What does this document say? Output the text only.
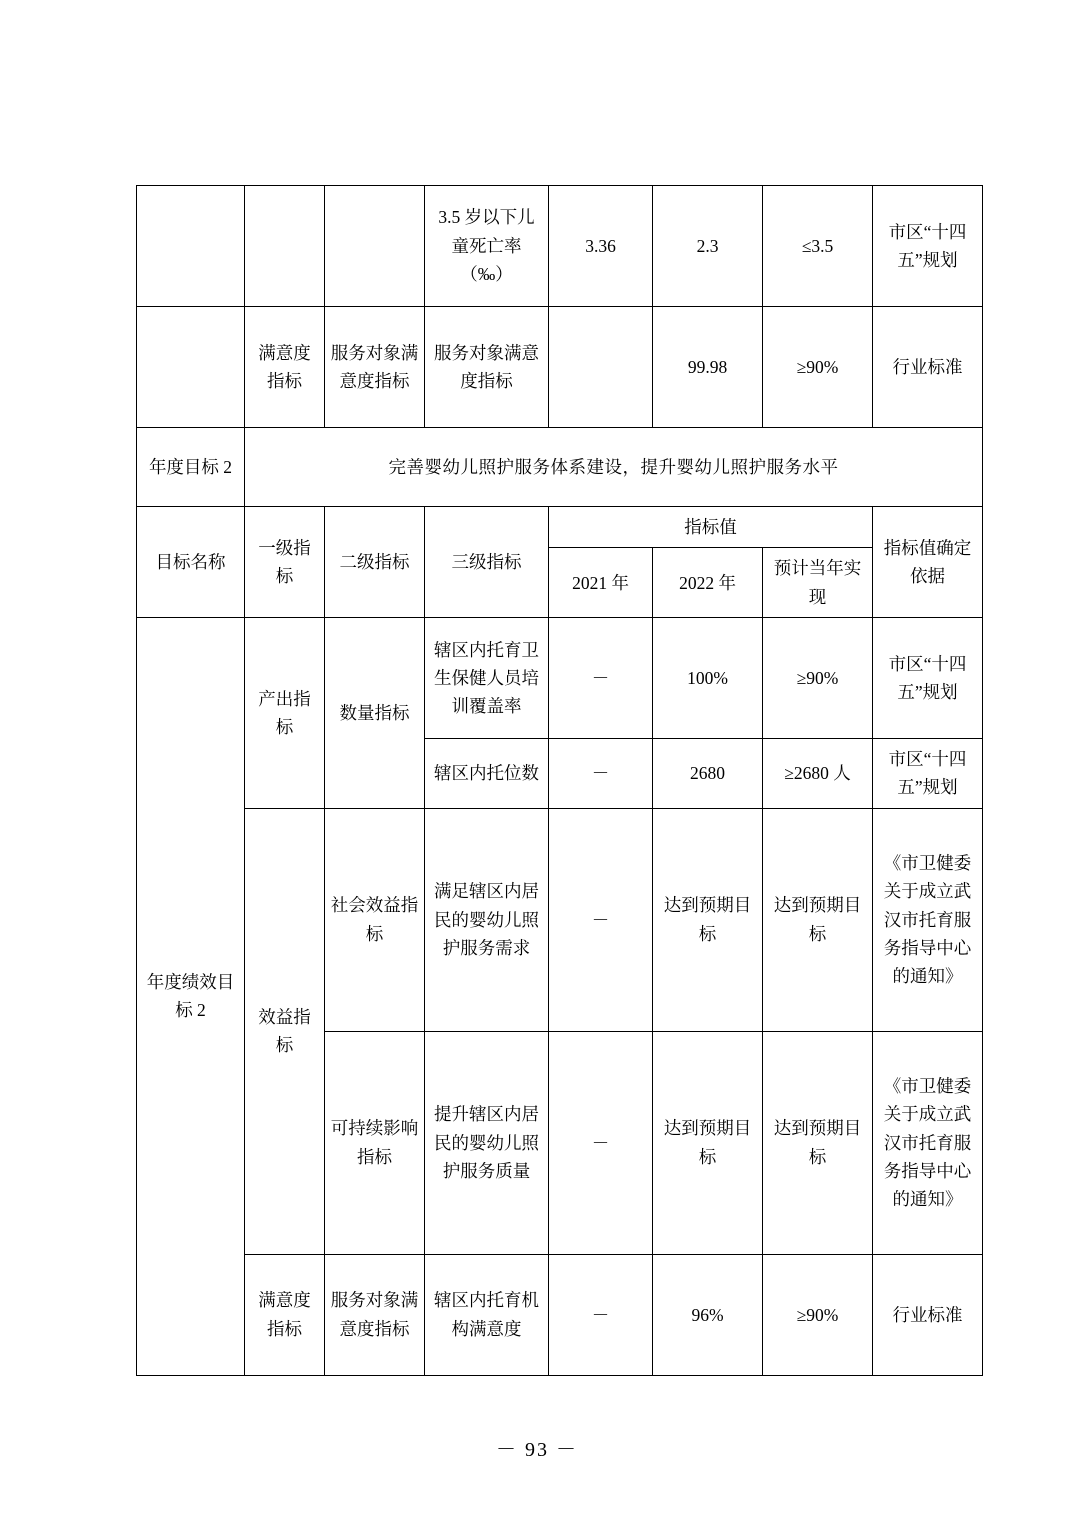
			3.5 岁以下儿童死亡率（‰）	3.36	2.3	≤3.5	市区“十四五”规划
	满意度指标	服务对象满意度指标	服务对象满意度指标		99.98	≥90%	行业标准
年度目标 2	完善婴幼儿照护服务体系建设，提升婴幼儿照护服务水平						
目标名称	一级指标	二级指标	三级指标	指标值			指标值确定依据
				2021 年	2022 年	预计当年实现	
年度绩效目标 2	产出指标	数量指标	辖区内托育卫生保健人员培训覆盖率	－	100%	≥90%	市区“十四五”规划
			辖区内托位数	－	2680	≥2680 人	市区“十四五”规划
	效益指标	社会效益指标	满足辖区内居民的婴幼儿照护服务需求	－	达到预期目标	达到预期目标	《市卫健委关于成立武汉市托育服务指导中心的通知》
		可持续影响指标	提升辖区内居民的婴幼儿照护服务质量	－	达到预期目标	达到预期目标	《市卫健委关于成立武汉市托育服务指导中心的通知》
	满意度指标	服务对象满意度指标	辖区内托育机构满意度	－	96%	≥90%	行业标准
－ 93 －
